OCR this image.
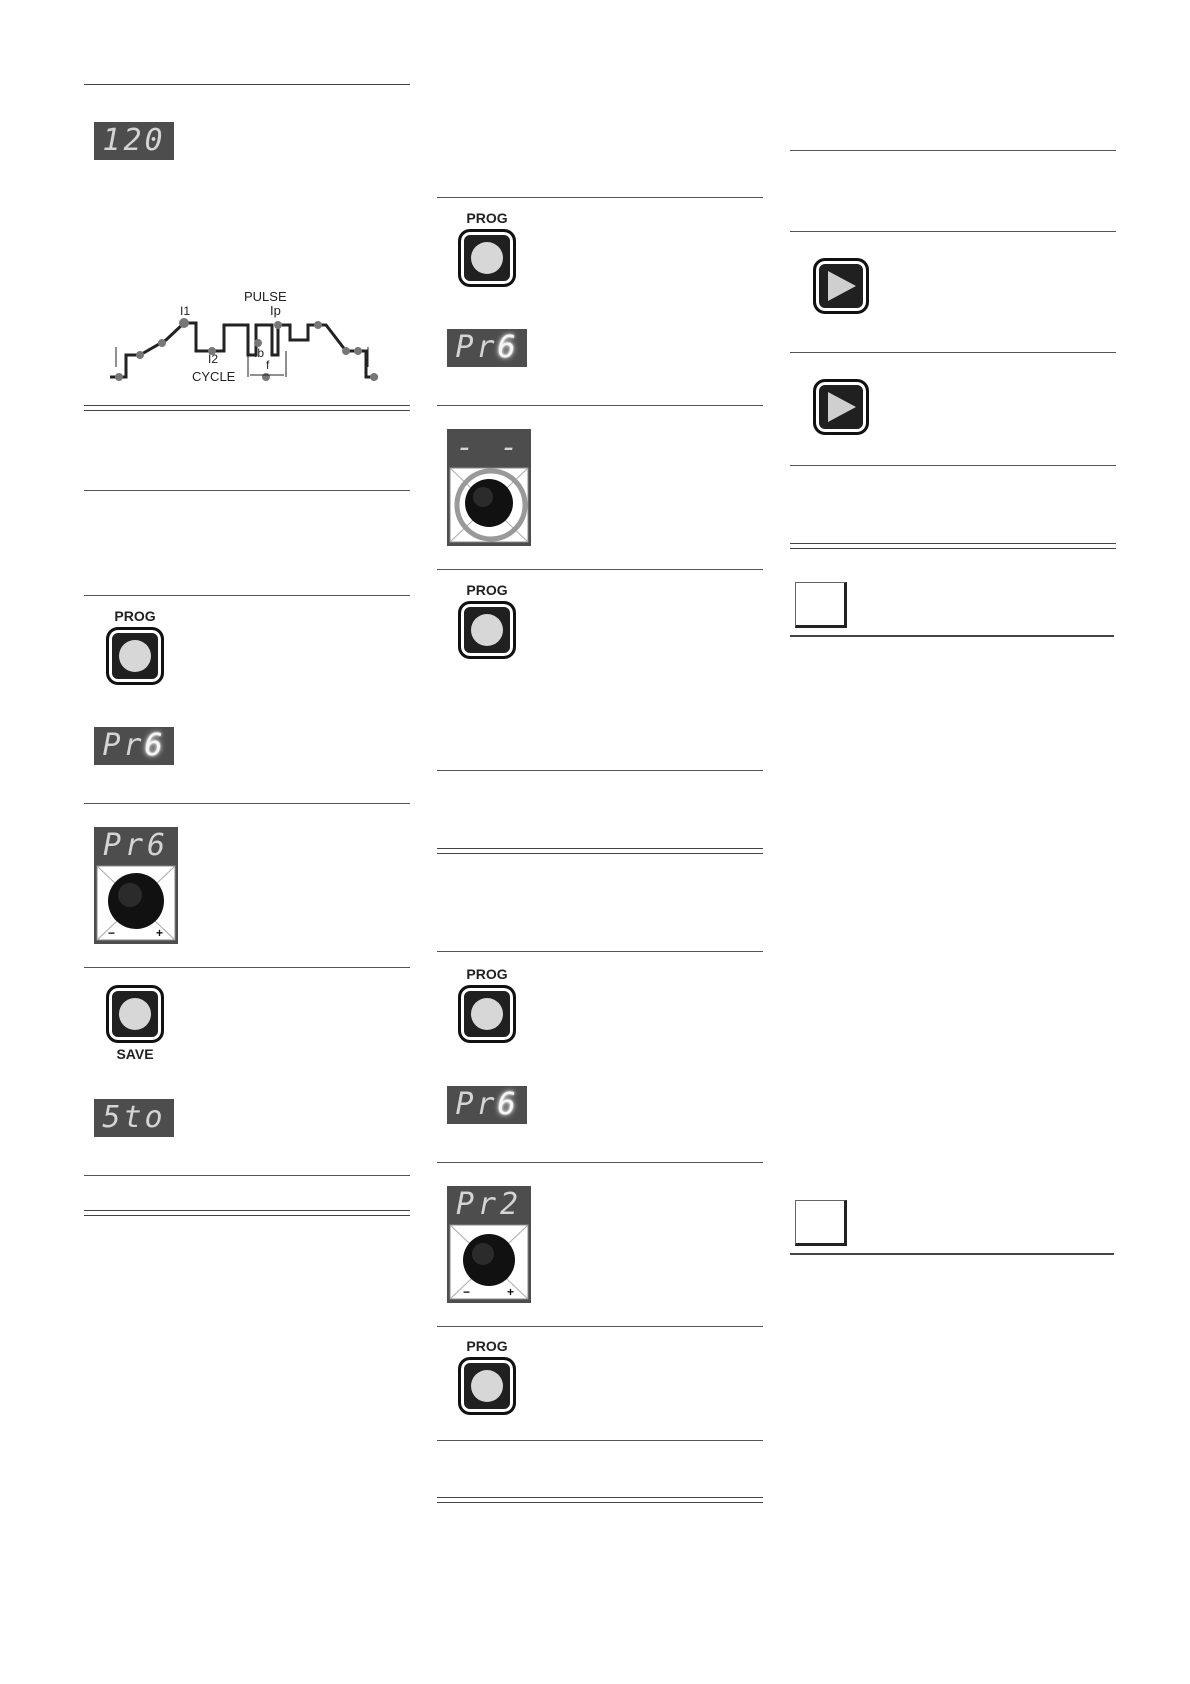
120
PULSE
Ip
I1
I2	Ib
f
CYCLE
PROG
Pr6
Pr6
−	+
SAVE
5to
PROG
Pr6
- -
PROG
PROG
Pr6
Pr2
−	+
PROG
